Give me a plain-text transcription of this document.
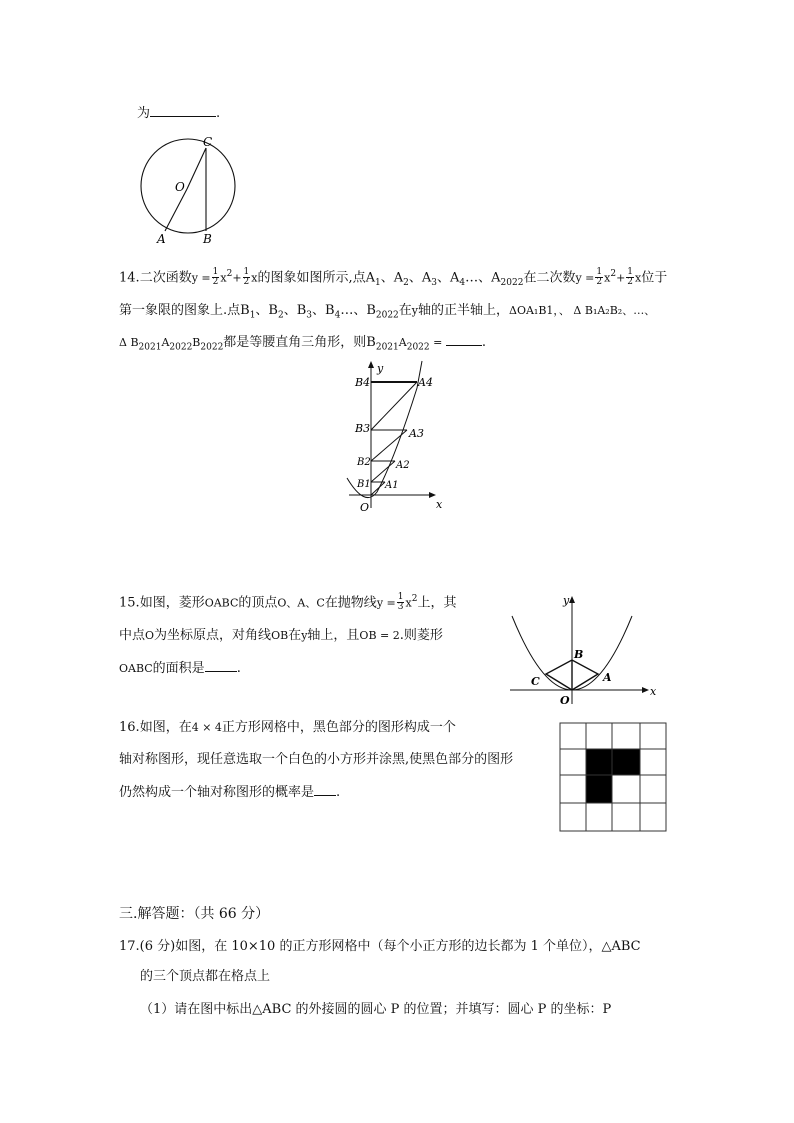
为	.
C
O
A	B
14.二次函数$y = \frac{1}{2} x^2+ \frac{1}{2}$ x的图象如图所示,点$A_1$、$A_2$、$A_3$、$A_4\dots$、$A_{2022}$在二次数$y = \frac{1}{2} x^2+ \frac{1}{2}$ x位于
第一象限的图象上.点$B_1$、$B_2$、$B_3$、$B_4\dots$、$B_{2022}$在y轴的正半轴上，ΔOA₁B1，、 Δ B₁A₂B₂、…、
Δ $B_{2021}A_{2022}B_{2022}$都是等腰直角三角形，则$B_{2021}A_{2022}$ =	.
y
B4	A4
B3	A3
B2	A2
B1 A1
O	x
15.如图，菱形OABC的顶点O、A、C在抛物线$y = \frac{1}{3} x^2$上，其
中点O为坐标原点，对角线OB在y轴上，且OB = 2.则菱形
OABC的面积是 .
y
B
C	A
O
x
16.如图，在4 × 4正方形网格中，黑色部分的图形构成一个
轴对称图形，现任意选取一个白色的小方形并涂黑,使黑色部分的图形
仍然构成一个轴对称图形的概率是 .
三.解答题：（共 66 分）
17.(6 分)如图，在 10×10 的正方形网格中（每个小正方形的边长都为 1 个单位），△ABC
的三个顶点都在格点上
（1）请在图中标出△ABC 的外接圆的圆心 P 的位置；并填写：圆心 P 的坐标：P
